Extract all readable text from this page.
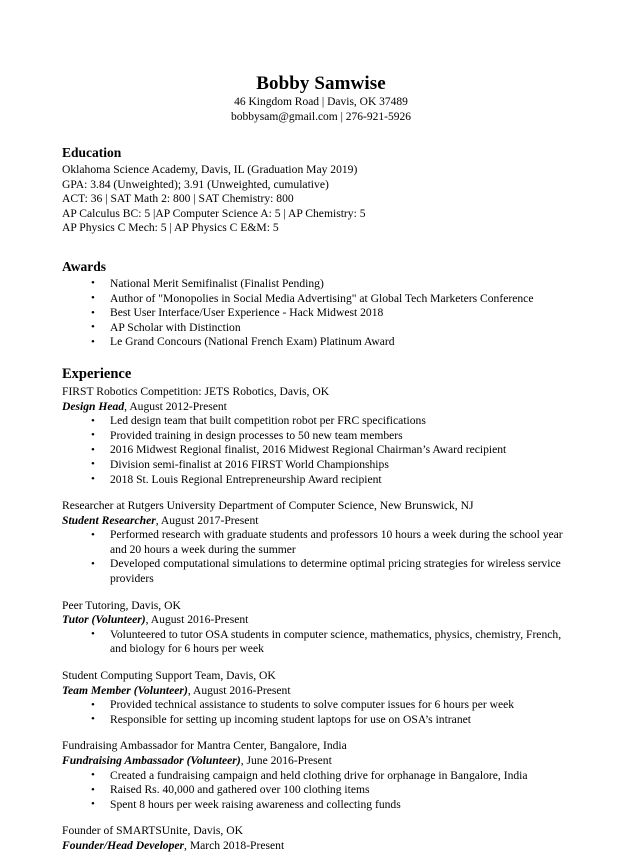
Bobby Samwise
46 Kingdom Road | Davis, OK 37489
bobbysam@gmail.com | 276-921-5926
Education
Oklahoma Science Academy, Davis, IL (Graduation May 2019)
GPA: 3.84 (Unweighted); 3.91 (Unweighted, cumulative)
ACT: 36 | SAT Math 2: 800 | SAT Chemistry: 800
AP Calculus BC: 5 |AP Computer Science A: 5 | AP Chemistry: 5
AP Physics C Mech: 5 | AP Physics C E&M: 5
Awards
• National Merit Semifinalist (Finalist Pending)
• Author of "Monopolies in Social Media Advertising" at Global Tech Marketers Conference
• Best User Interface/User Experience - Hack Midwest 2018
• AP Scholar with Distinction
• Le Grand Concours (National French Exam) Platinum Award
Experience
FIRST Robotics Competition: JETS Robotics, Davis, OK
Design Head, August 2012-Present
• Led design team that built competition robot per FRC specifications
• Provided training in design processes to 50 new team members
• 2016 Midwest Regional finalist, 2016 Midwest Regional Chairman’s Award recipient
• Division semi-finalist at 2016 FIRST World Championships
• 2018 St. Louis Regional Entrepreneurship Award recipient
Researcher at Rutgers University Department of Computer Science, New Brunswick, NJ
Student Researcher, August 2017-Present
• Performed research with graduate students and professors 10 hours a week during the school year and 20 hours a week during the summer
• Developed computational simulations to determine optimal pricing strategies for wireless service providers
Peer Tutoring, Davis, OK
Tutor (Volunteer), August 2016-Present
• Volunteered to tutor OSA students in computer science, mathematics, physics, chemistry, French, and biology for 6 hours per week
Student Computing Support Team, Davis, OK
Team Member (Volunteer), August 2016-Present
• Provided technical assistance to students to solve computer issues for 6 hours per week
• Responsible for setting up incoming student laptops for use on OSA’s intranet
Fundraising Ambassador for Mantra Center, Bangalore, India
Fundraising Ambassador (Volunteer), June 2016-Present
• Created a fundraising campaign and held clothing drive for orphanage in Bangalore, India
• Raised Rs. 40,000 and gathered over 100 clothing items
• Spent 8 hours per week raising awareness and collecting funds
Founder of SMARTSUnite, Davis, OK
Founder/Head Developer, March 2018-Present
